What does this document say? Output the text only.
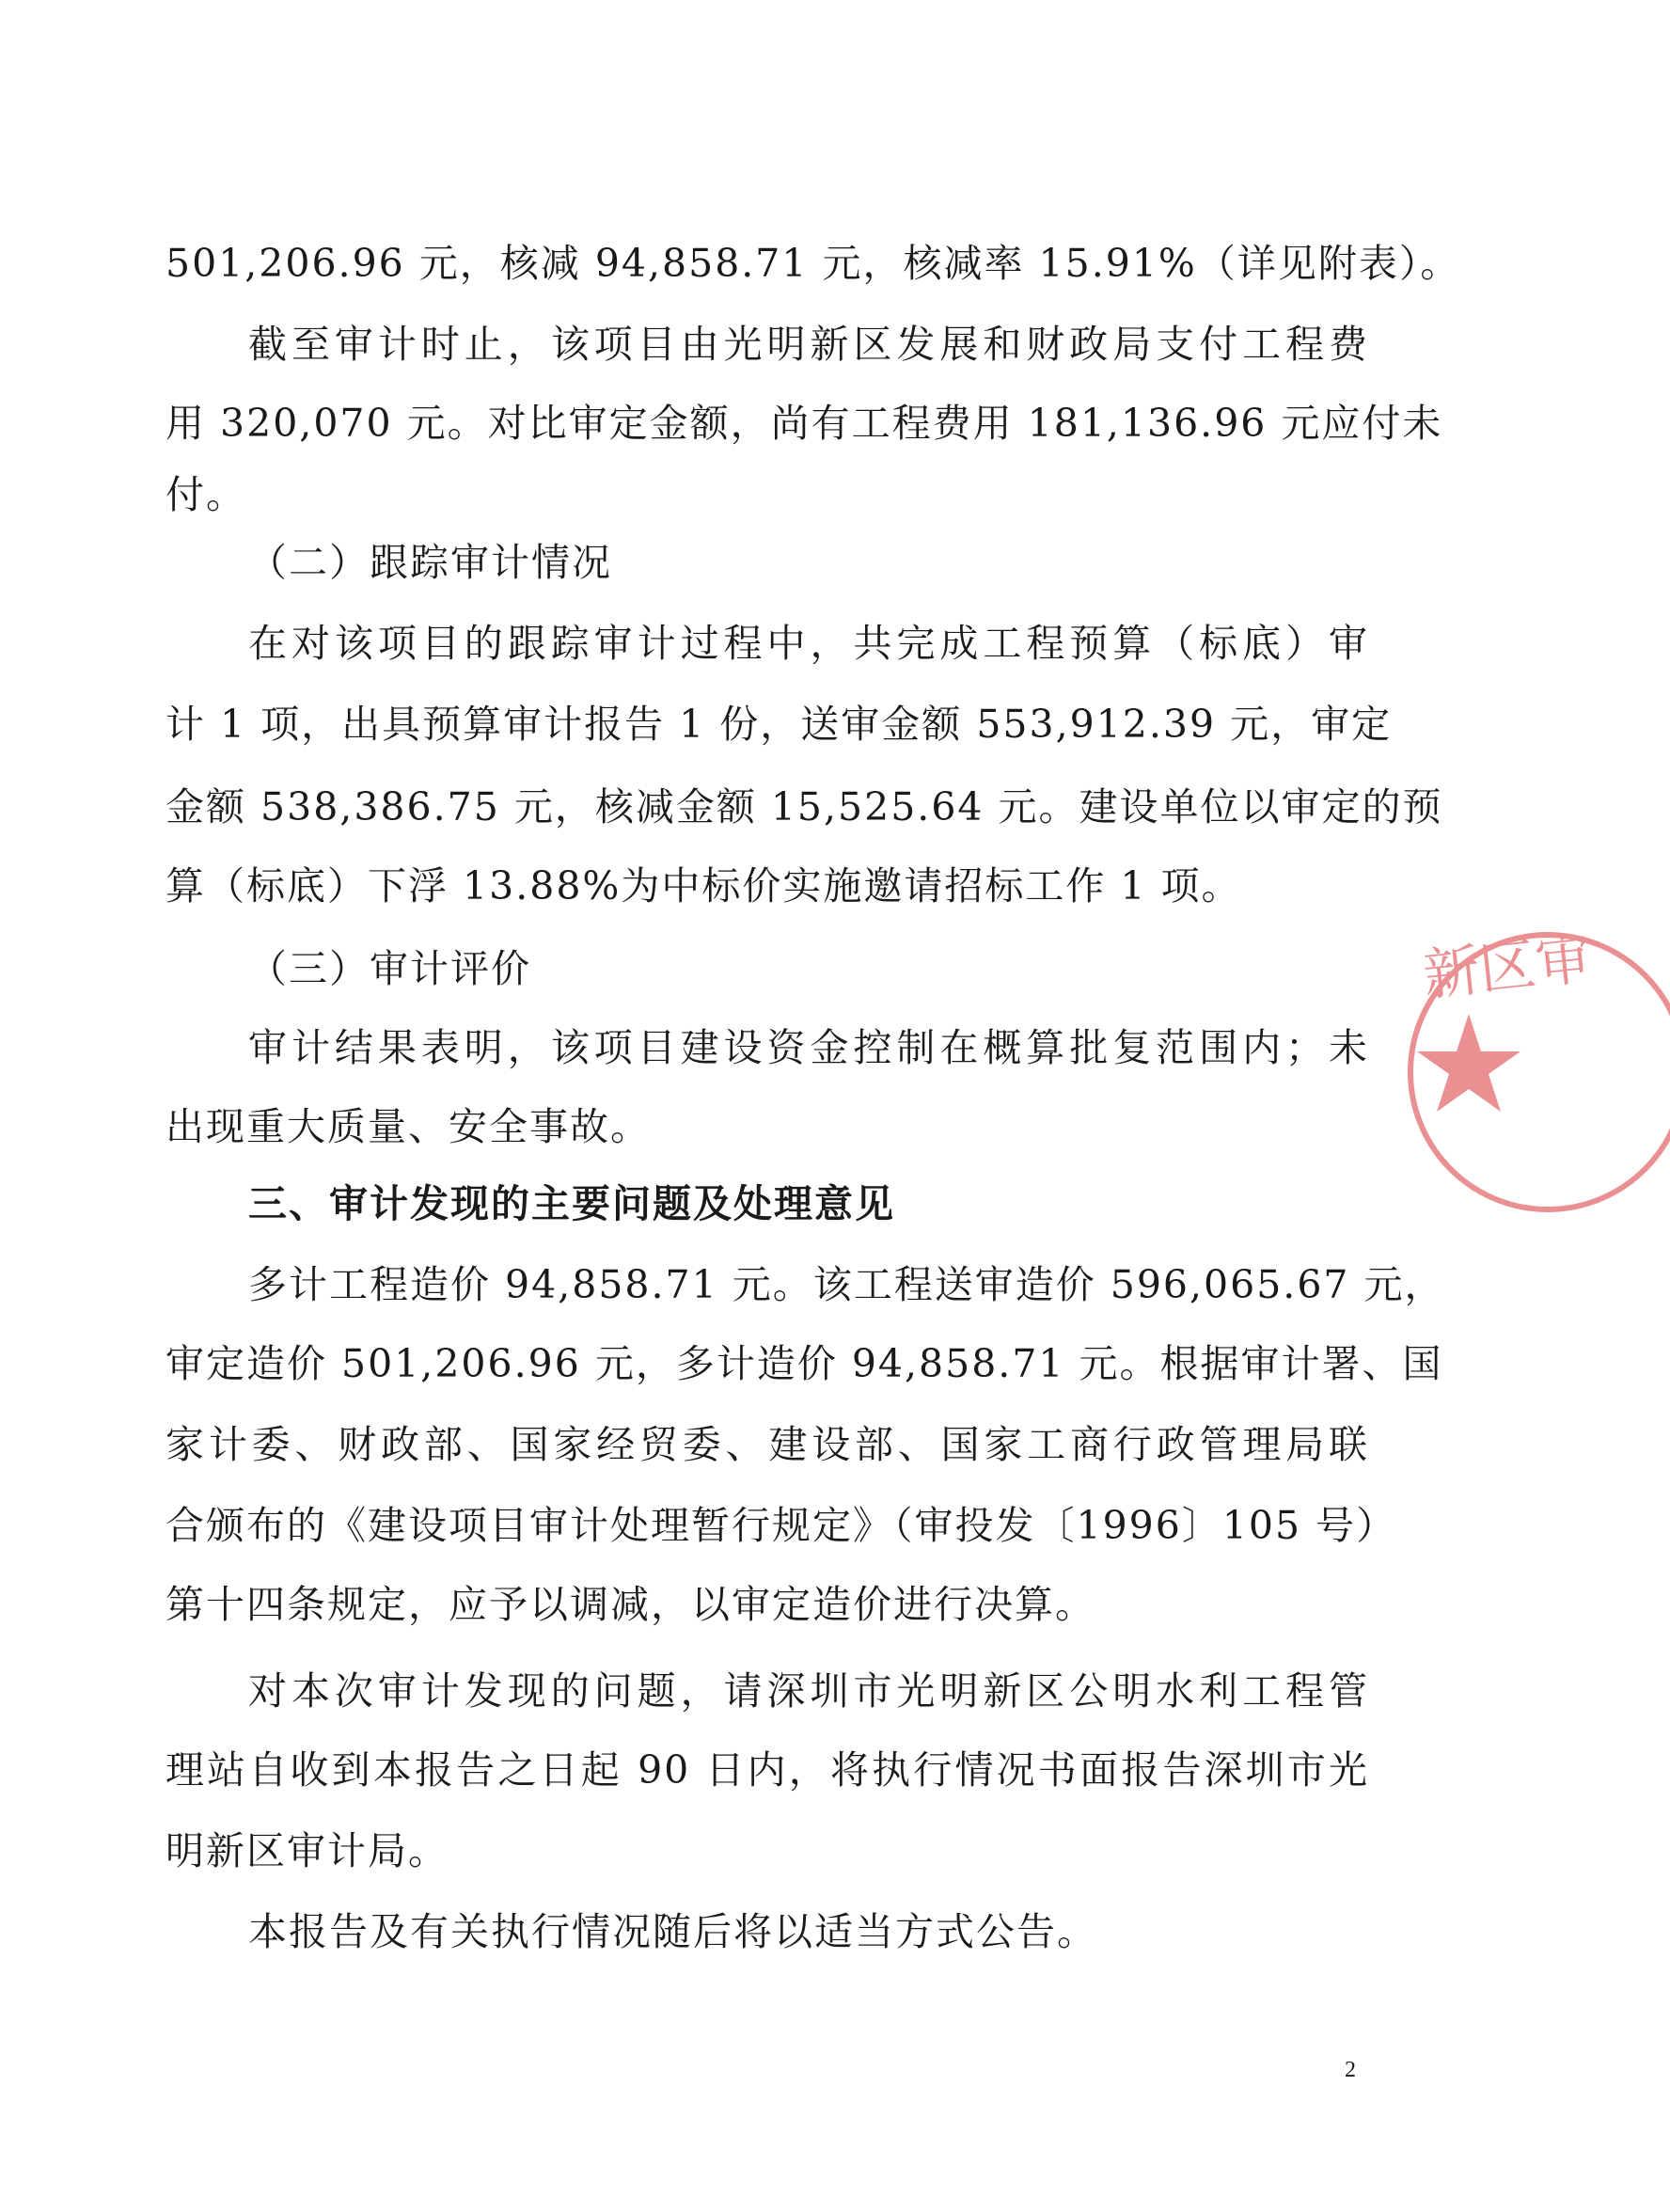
501,206.96 元，核减 94,858.71 元，核减率 15.91%（详见附表）。
截至审计时止，该项目由光明新区发展和财政局支付工程费
用 320,070 元。对比审定金额，尚有工程费用 181,136.96 元应付未
付。
（二）跟踪审计情况
在对该项目的跟踪审计过程中，共完成工程预算（标底）审
计 1 项，出具预算审计报告 1 份，送审金额 553,912.39 元，审定
金额 538,386.75 元，核减金额 15,525.64 元。建设单位以审定的预
算（标底）下浮 13.88%为中标价实施邀请招标工作 1 项。
（三）审计评价
审计结果表明，该项目建设资金控制在概算批复范围内；未
出现重大质量、安全事故。
三、审计发现的主要问题及处理意见
多计工程造价 94,858.71 元。该工程送审造价 596,065.67 元，
审定造价 501,206.96 元，多计造价 94,858.71 元。根据审计署、国
家计委、财政部、国家经贸委、建设部、国家工商行政管理局联
合颁布的《建设项目审计处理暂行规定》（审投发〔1996〕105 号）
第十四条规定，应予以调减，以审定造价进行决算。
对本次审计发现的问题，请深圳市光明新区公明水利工程管
理站自收到本报告之日起 90 日内，将执行情况书面报告深圳市光
明新区审计局。
本报告及有关执行情况随后将以适当方式公告。
新区审
2
